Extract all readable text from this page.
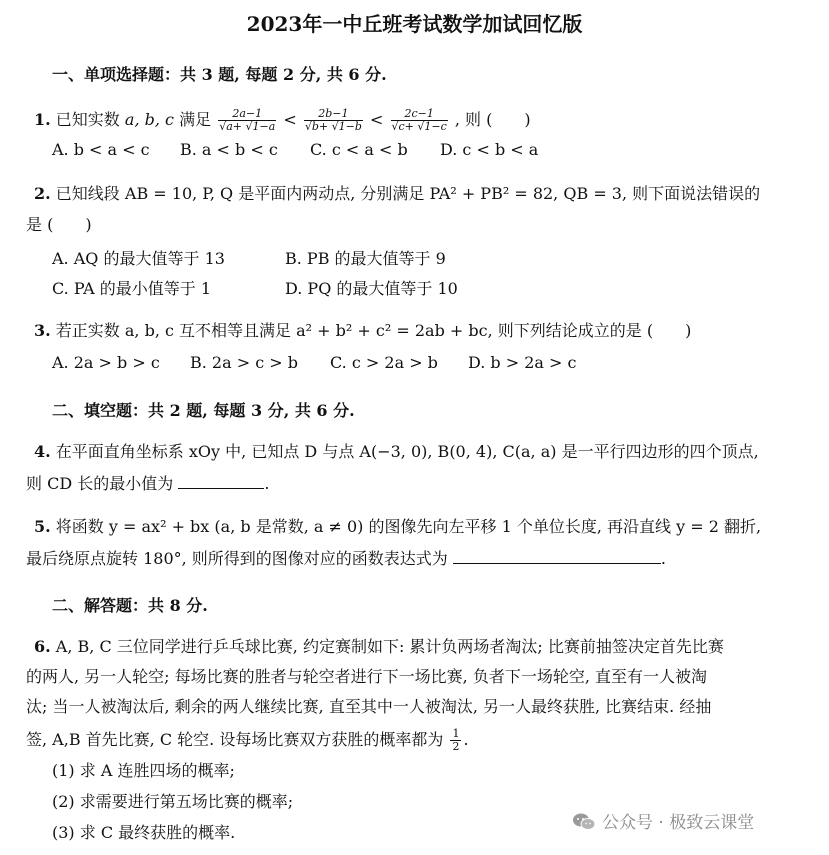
2023年一中丘班考试数学加试回忆版
一、单项选择题：共 3 题, 每题 2 分, 共 6 分.
1. 已知实数 a, b, c 满足 $\frac{2a-1}{√a+ √1-a} < \frac{2b-1}{√b+ √1-b} < \frac{2c-1}{√c+ √1-c}$ , 则 (　　)
A. b < a < c B. a < b < c C. c < a < b D. c < b < a
2. 已知线段 AB = 10, P, Q 是平面内两动点, 分别满足 PA² + PB² = 82, QB = 3, 则下面说法错误的
是 (　　)
A. AQ 的最大值等于 13	B. PB 的最大值等于 9
C. PA 的最小值等于 1	D. PQ 的最大值等于 10
3. 若正实数 a, b, c 互不相等且满足 a² + b² + c² = 2ab + bc, 则下列结论成立的是 (　　)
A. 2a > b > c B. 2a > c > b C. c > 2a > b D. b > 2a > c
二、填空题：共 2 题, 每题 3 分, 共 6 分.
4. 在平面直角坐标系 xOy 中, 已知点 D 与点 A(−3, 0), B(0, 4), C(a, a) 是一平行四边形的四个顶点,
则 CD 长的最小值为	.
5. 将函数 y = ax² + bx (a, b 是常数, a ≠ 0) 的图像先向左平移 1 个单位长度, 再沿直线 y = 2 翻折,
最后绕原点旋转 180°, 则所得到的图像对应的函数表达式为	.
二、解答题：共 8 分.
6. A, B, C 三位同学进行乒乓球比赛, 约定赛制如下: 累计负两场者淘汰; 比赛前抽签决定首先比赛
的两人, 另一人轮空; 每场比赛的胜者与轮空者进行下一场比赛, 负者下一场轮空, 直至有一人被淘
汰; 当一人被淘汰后, 剩余的两人继续比赛, 直至其中一人被淘汰, 另一人最终获胜, 比赛结束. 经抽
签, A,B 首先比赛, C 轮空. 设每场比赛双方获胜的概率都为 $\frac{1}{2}$ .
(1) 求 A 连胜四场的概率;
(2) 求需要进行第五场比赛的概率;
(3) 求 C 最终获胜的概率.	公众号 · 极致云课堂
